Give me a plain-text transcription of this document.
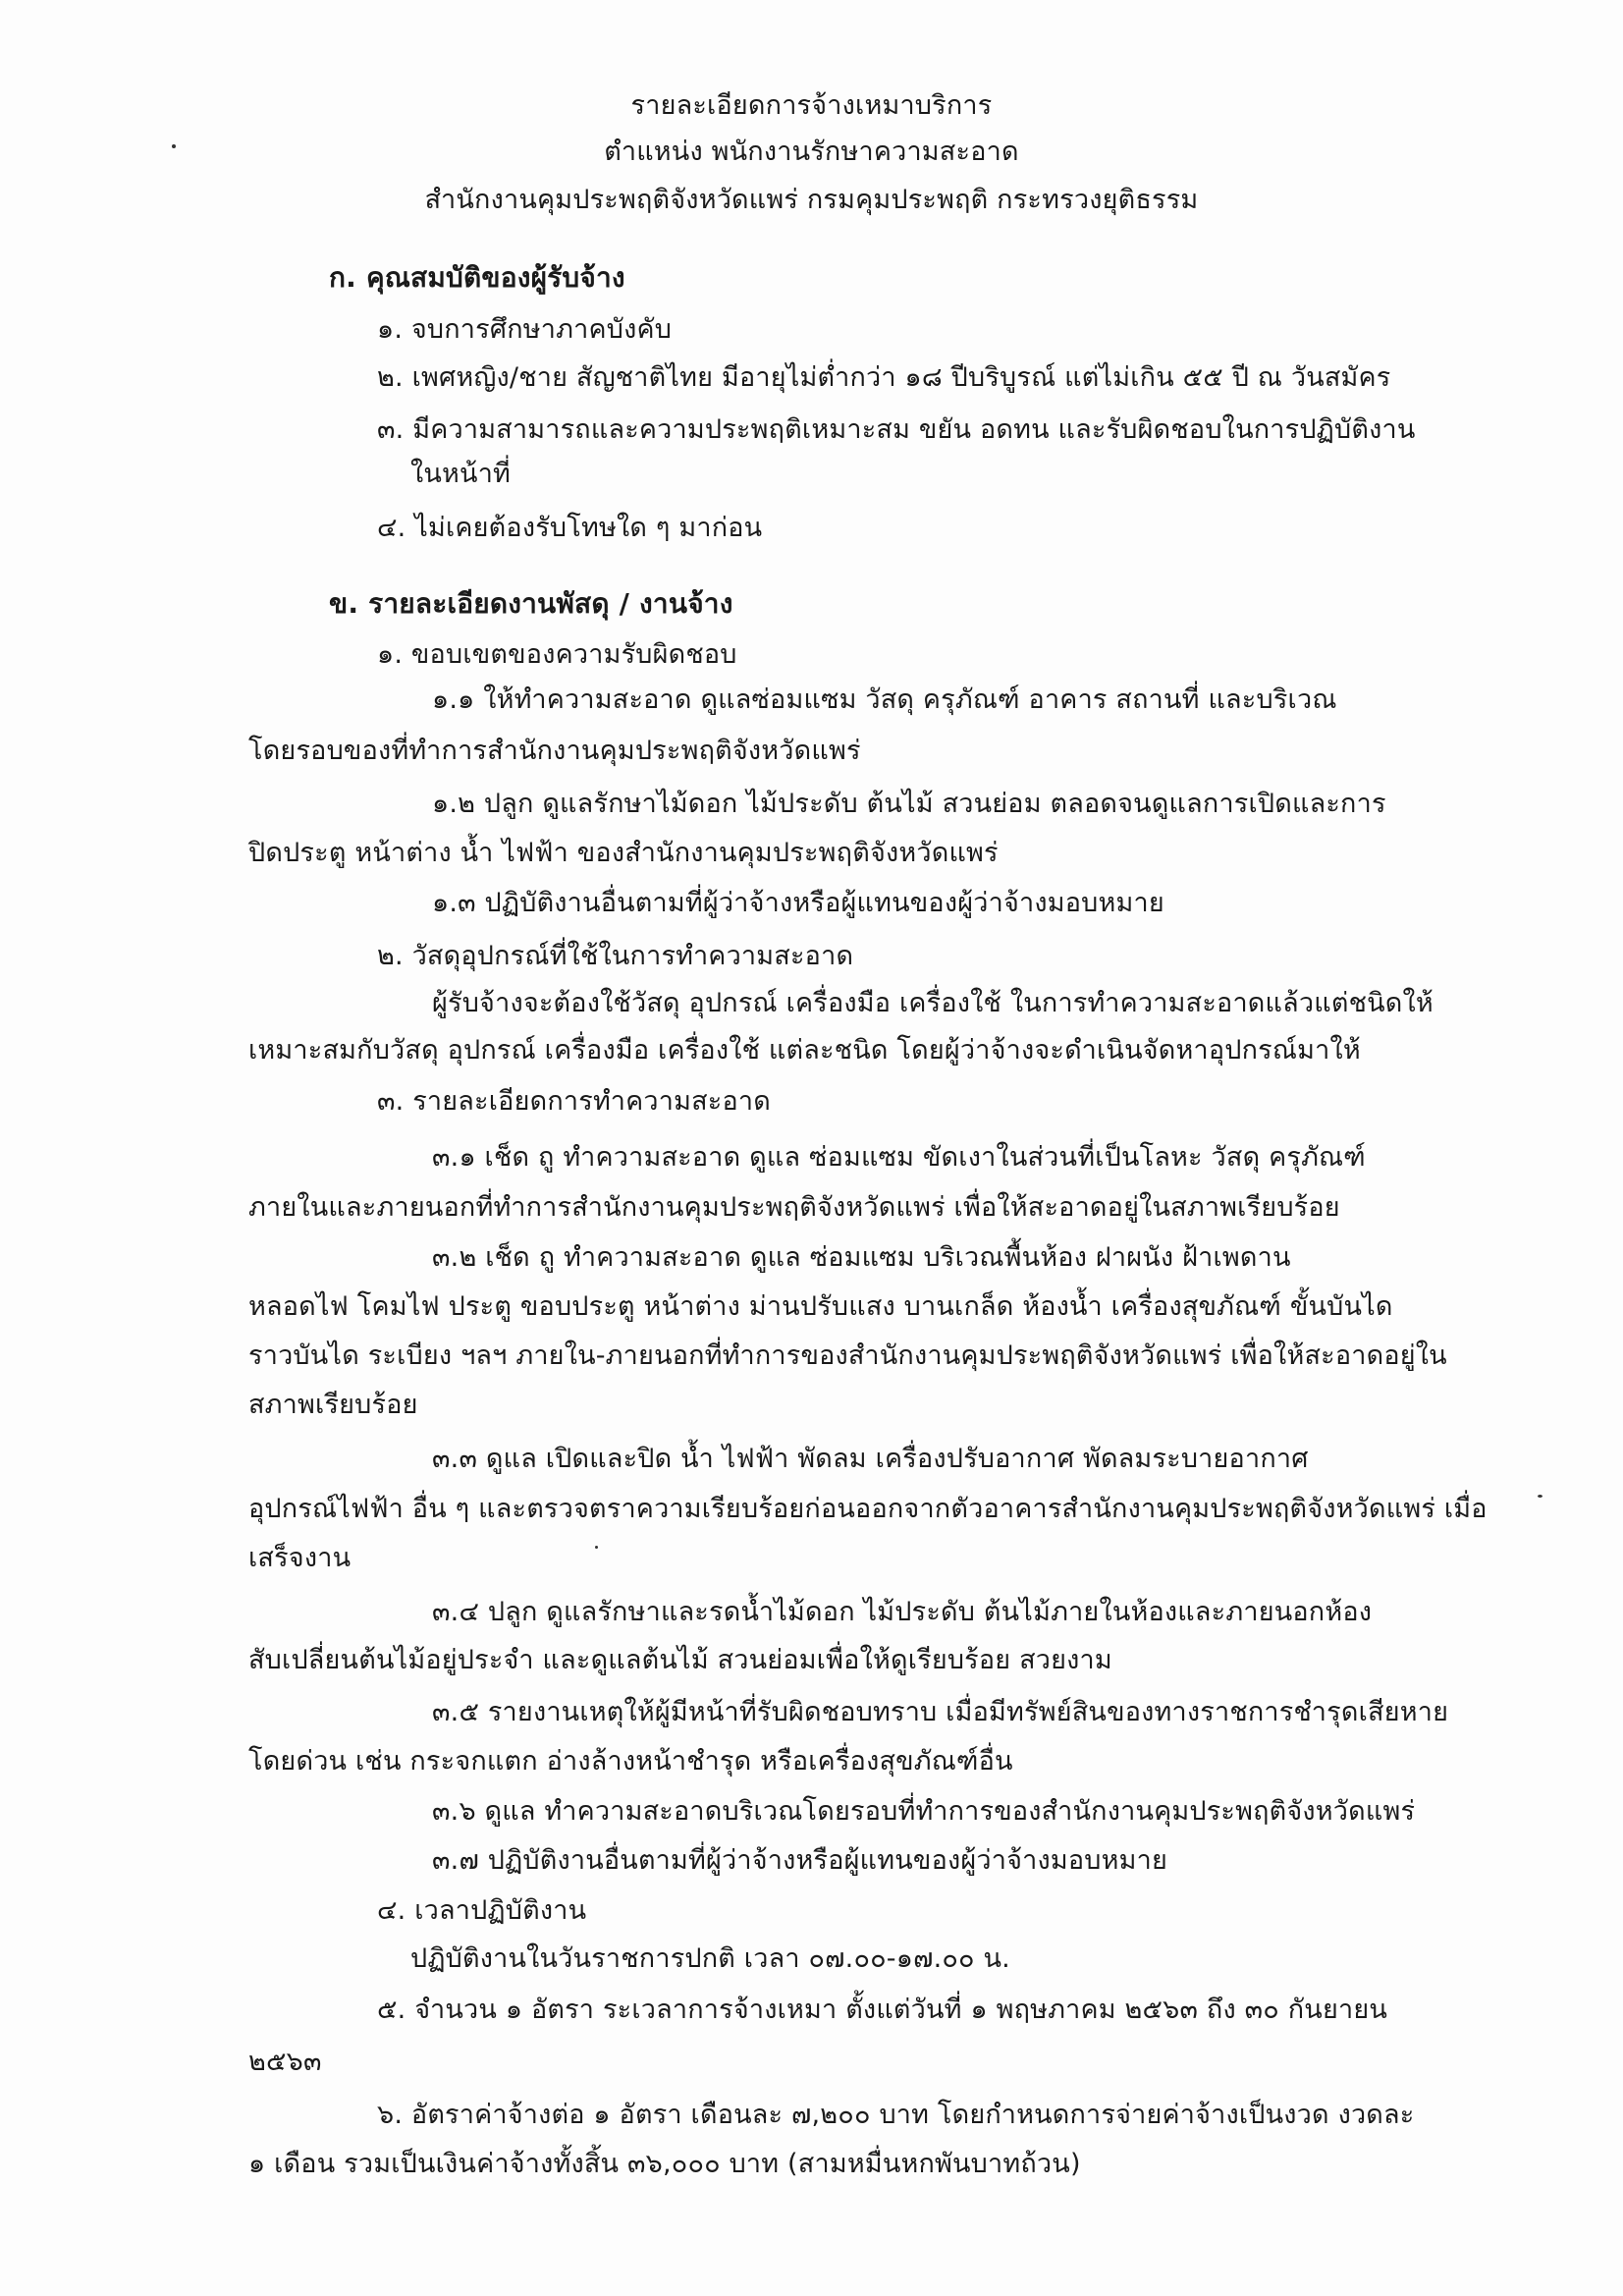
รายละเอียดการจ้างเหมาบริการ
ตำแหน่ง พนักงานรักษาความสะอาด
สำนักงานคุมประพฤติจังหวัดแพร่ กรมคุมประพฤติ กระทรวงยุติธรรม
ก. คุณสมบัติของผู้รับจ้าง
๑. จบการศึกษาภาคบังคับ
๒. เพศหญิง/ชาย สัญชาติไทย มีอายุไม่ต่ำกว่า ๑๘ ปีบริบูรณ์ แต่ไม่เกิน ๕๕ ปี ณ วันสมัคร
๓. มีความสามารถและความประพฤติเหมาะสม ขยัน อดทน และรับผิดชอบในการปฏิบัติงาน
ในหน้าที่
๔. ไม่เคยต้องรับโทษใด ๆ มาก่อน
ข. รายละเอียดงานพัสดุ / งานจ้าง
๑. ขอบเขตของความรับผิดชอบ
๑.๑ ให้ทำความสะอาด ดูแลซ่อมแซม วัสดุ ครุภัณฑ์ อาคาร สถานที่ และบริเวณ
โดยรอบของที่ทำการสำนักงานคุมประพฤติจังหวัดแพร่
๑.๒ ปลูก ดูแลรักษาไม้ดอก ไม้ประดับ ต้นไม้ สวนย่อม ตลอดจนดูแลการเปิดและการ
ปิดประตู หน้าต่าง น้ำ ไฟฟ้า ของสำนักงานคุมประพฤติจังหวัดแพร่
๑.๓ ปฏิบัติงานอื่นตามที่ผู้ว่าจ้างหรือผู้แทนของผู้ว่าจ้างมอบหมาย
๒. วัสดุอุปกรณ์ที่ใช้ในการทำความสะอาด
ผู้รับจ้างจะต้องใช้วัสดุ อุปกรณ์ เครื่องมือ เครื่องใช้ ในการทำความสะอาดแล้วแต่ชนิดให้
เหมาะสมกับวัสดุ อุปกรณ์ เครื่องมือ เครื่องใช้ แต่ละชนิด โดยผู้ว่าจ้างจะดำเนินจัดหาอุปกรณ์มาให้
๓. รายละเอียดการทำความสะอาด
๓.๑ เช็ด ถู ทำความสะอาด ดูแล ซ่อมแซม ขัดเงาในส่วนที่เป็นโลหะ วัสดุ ครุภัณฑ์
ภายในและภายนอกที่ทำการสำนักงานคุมประพฤติจังหวัดแพร่ เพื่อให้สะอาดอยู่ในสภาพเรียบร้อย
๓.๒ เช็ด ถู ทำความสะอาด ดูแล ซ่อมแซม บริเวณพื้นห้อง ฝาผนัง ฝ้าเพดาน
หลอดไฟ โคมไฟ ประตู ขอบประตู หน้าต่าง ม่านปรับแสง บานเกล็ด ห้องน้ำ เครื่องสุขภัณฑ์ ขั้นบันได
ราวบันได ระเบียง ฯลฯ ภายใน-ภายนอกที่ทำการของสำนักงานคุมประพฤติจังหวัดแพร่ เพื่อให้สะอาดอยู่ใน
สภาพเรียบร้อย
๓.๓ ดูแล เปิดและปิด น้ำ ไฟฟ้า พัดลม เครื่องปรับอากาศ พัดลมระบายอากาศ
อุปกรณ์ไฟฟ้า อื่น ๆ และตรวจตราความเรียบร้อยก่อนออกจากตัวอาคารสำนักงานคุมประพฤติจังหวัดแพร่ เมื่อ
เสร็จงาน
๓.๔ ปลูก ดูแลรักษาและรดน้ำไม้ดอก ไม้ประดับ ต้นไม้ภายในห้องและภายนอกห้อง
สับเปลี่ยนต้นไม้อยู่ประจำ และดูแลต้นไม้ สวนย่อมเพื่อให้ดูเรียบร้อย สวยงาม
๓.๕ รายงานเหตุให้ผู้มีหน้าที่รับผิดชอบทราบ เมื่อมีทรัพย์สินของทางราชการชำรุดเสียหาย
โดยด่วน เช่น กระจกแตก อ่างล้างหน้าชำรุด หรือเครื่องสุขภัณฑ์อื่น
๓.๖ ดูแล ทำความสะอาดบริเวณโดยรอบที่ทำการของสำนักงานคุมประพฤติจังหวัดแพร่
๓.๗ ปฏิบัติงานอื่นตามที่ผู้ว่าจ้างหรือผู้แทนของผู้ว่าจ้างมอบหมาย
๔. เวลาปฏิบัติงาน
ปฏิบัติงานในวันราชการปกติ เวลา ๐๗.๐๐-๑๗.๐๐ น.
๕. จำนวน ๑ อัตรา ระเวลาการจ้างเหมา ตั้งแต่วันที่ ๑ พฤษภาคม ๒๕๖๓ ถึง ๓๐ กันยายน
๒๕๖๓
๖. อัตราค่าจ้างต่อ ๑ อัตรา เดือนละ ๗,๒๐๐ บาท โดยกำหนดการจ่ายค่าจ้างเป็นงวด งวดละ
๑ เดือน รวมเป็นเงินค่าจ้างทั้งสิ้น ๓๖,๐๐๐ บาท (สามหมื่นหกพันบาทถ้วน)
